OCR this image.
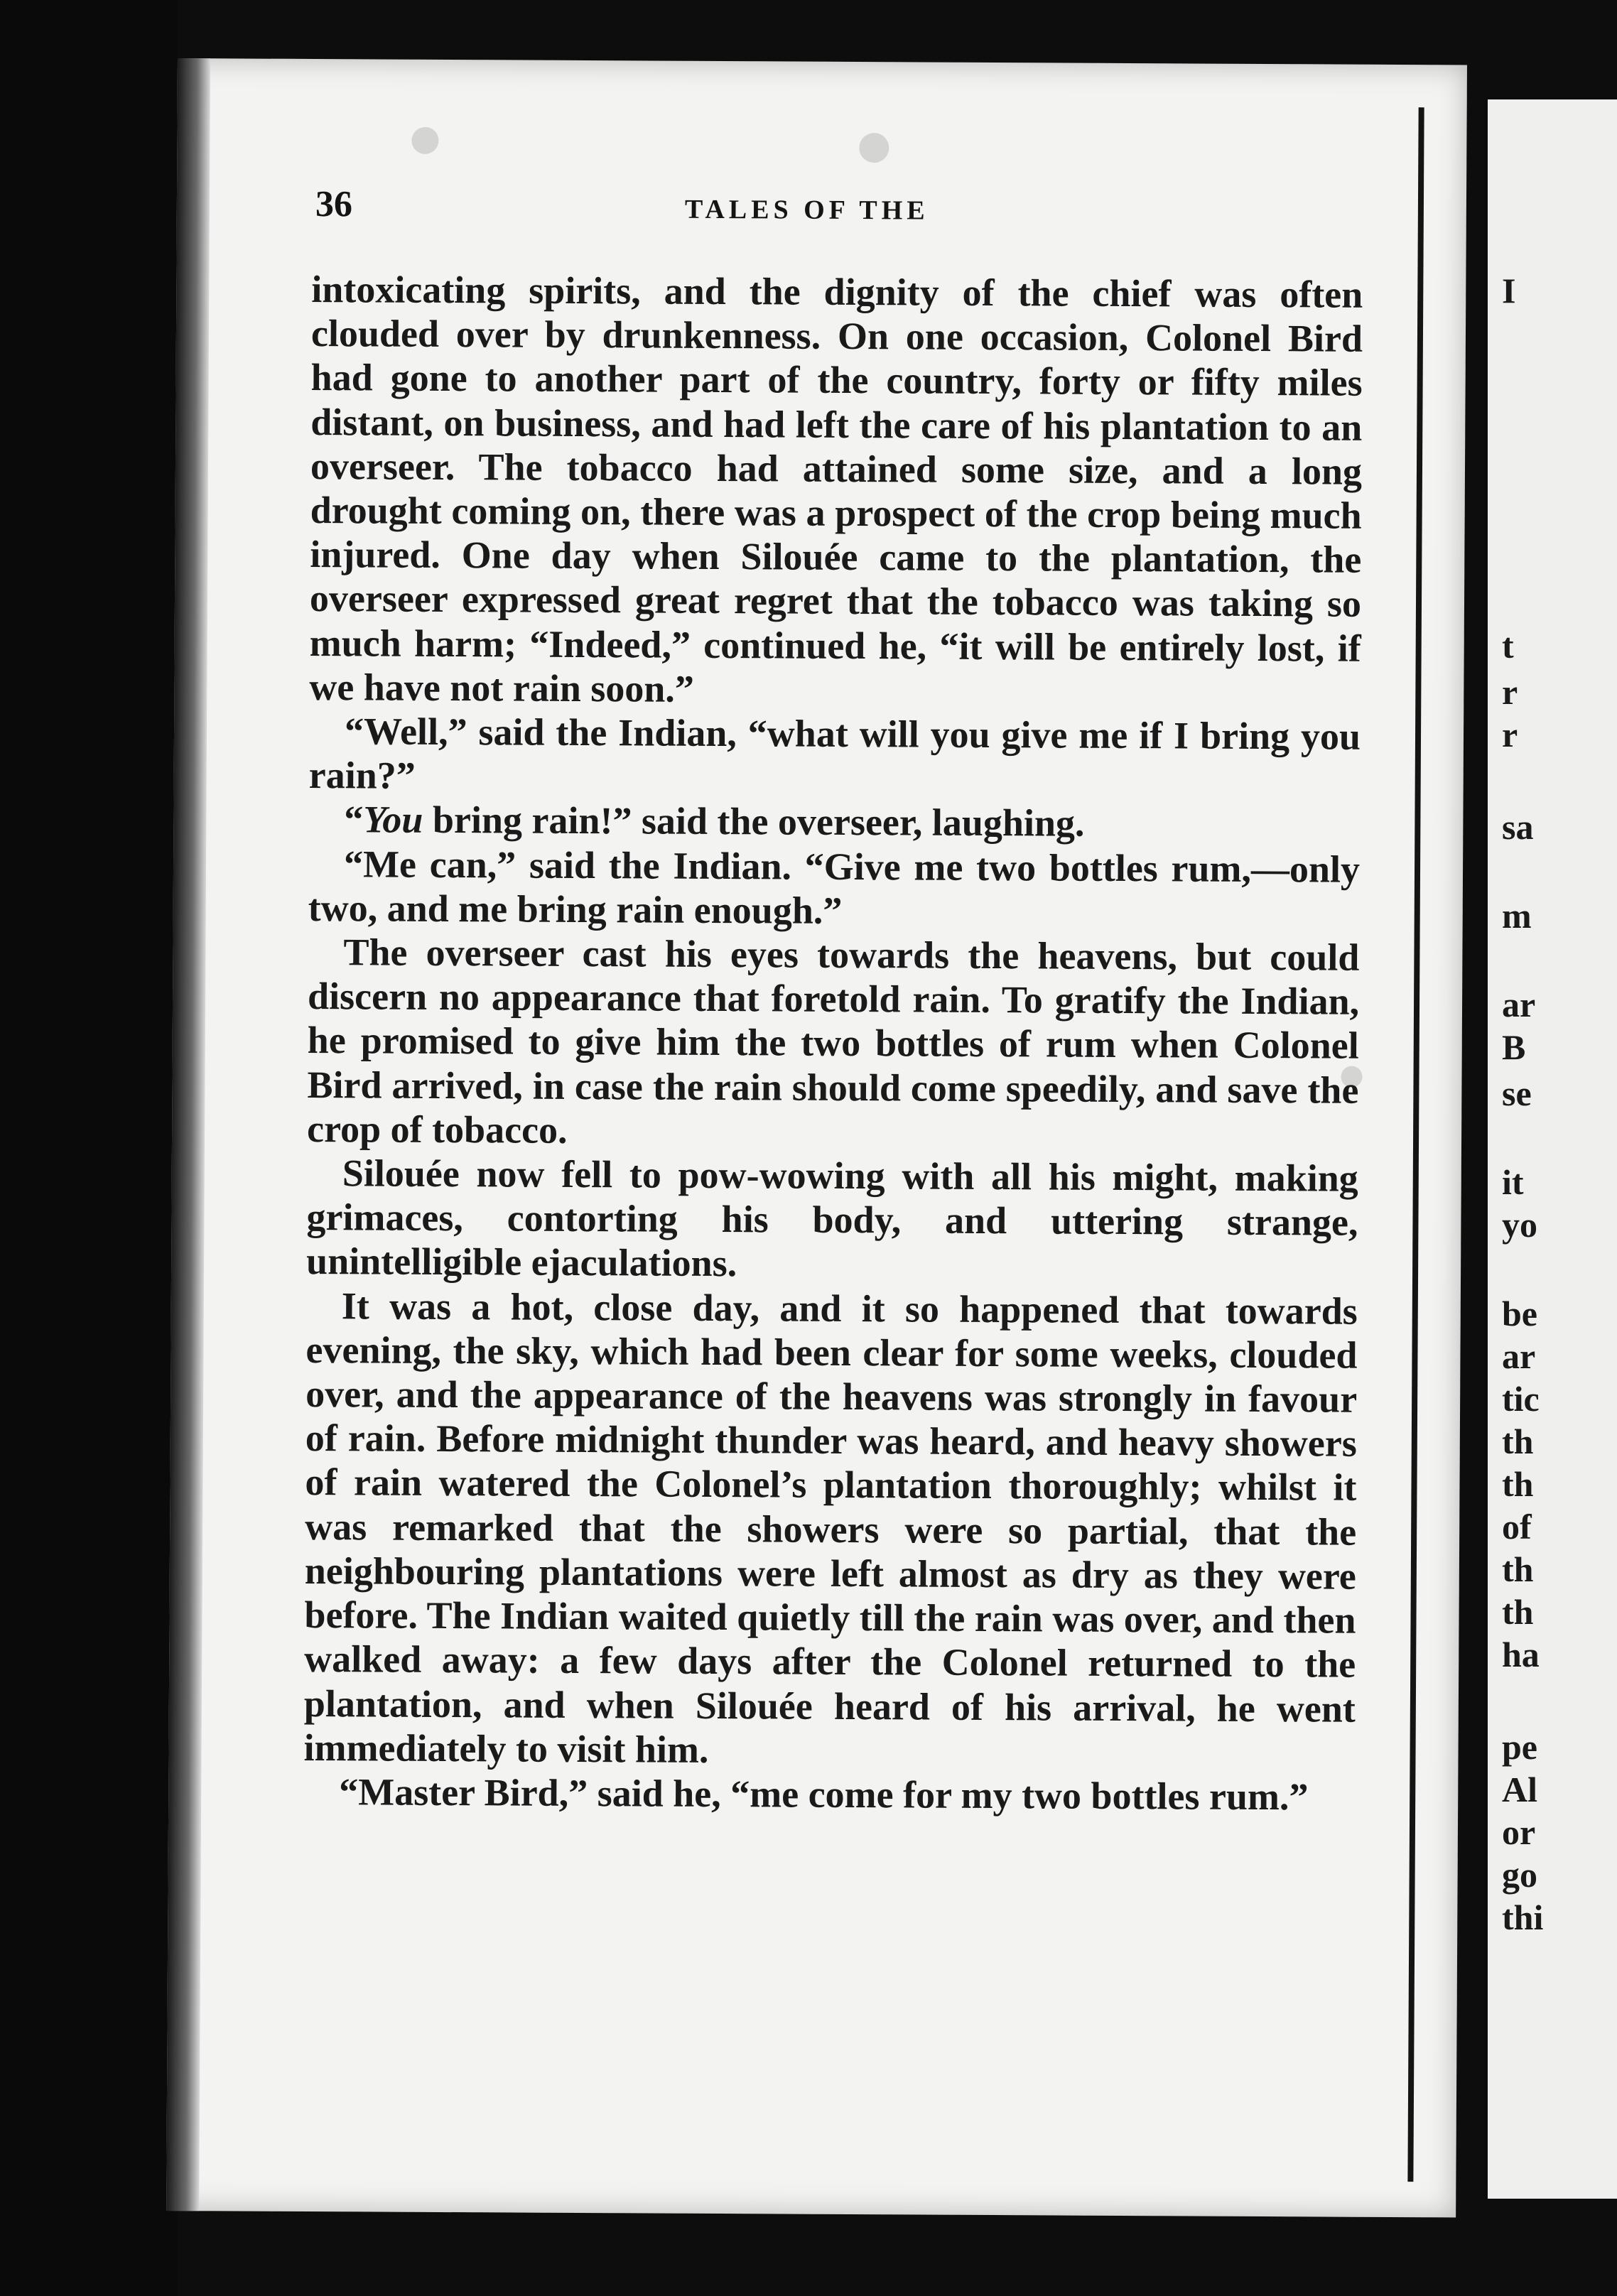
36	TALES OF THE

intoxicating spirits, and the dignity of the chief was often clouded over by drunkenness. On one occasion, Colonel Bird had gone to another part of the country, forty or fifty miles distant, on business, and had left the care of his plantation to an overseer. The tobacco had attained some size, and a long drought coming on, there was a prospect of the crop being much injured. One day when Silouée came to the plantation, the overseer expressed great regret that the tobacco was taking so much harm; “Indeed,” continued he, “it will be entirely lost, if we have not rain soon.”

“Well,” said the Indian, “what will you give me if I bring you rain?”

“You bring rain!” said the overseer, laughing.

“Me can,” said the Indian. “Give me two bottles rum,—only two, and me bring rain enough.”

The overseer cast his eyes towards the heavens, but could discern no appearance that foretold rain. To gratify the Indian, he promised to give him the two bottles of rum when Colonel Bird arrived, in case the rain should come speedily, and save the crop of tobacco.

Silouée now fell to pow-wowing with all his might, making grimaces, contorting his body, and uttering strange, unintelligible ejaculations.

It was a hot, close day, and it so happened that towards evening, the sky, which had been clear for some weeks, clouded over, and the appearance of the heavens was strongly in favour of rain. Before midnight thunder was heard, and heavy showers of rain watered the Colonel’s plantation thoroughly; whilst it was remarked that the showers were so partial, that the neighbouring plantations were left almost as dry as they were before. The Indian waited quietly till the rain was over, and then walked away: a few days after the Colonel returned to the plantation, and when Silouée heard of his arrival, he went immediately to visit him.

“Master Bird,” said he, “me come for my two bottles rum.”

I
t
r
r
sa
m
ar
B
se
it
yo
be
ar
tic
th
th
of
th
th
ha
pe
Al
or
go
thi
